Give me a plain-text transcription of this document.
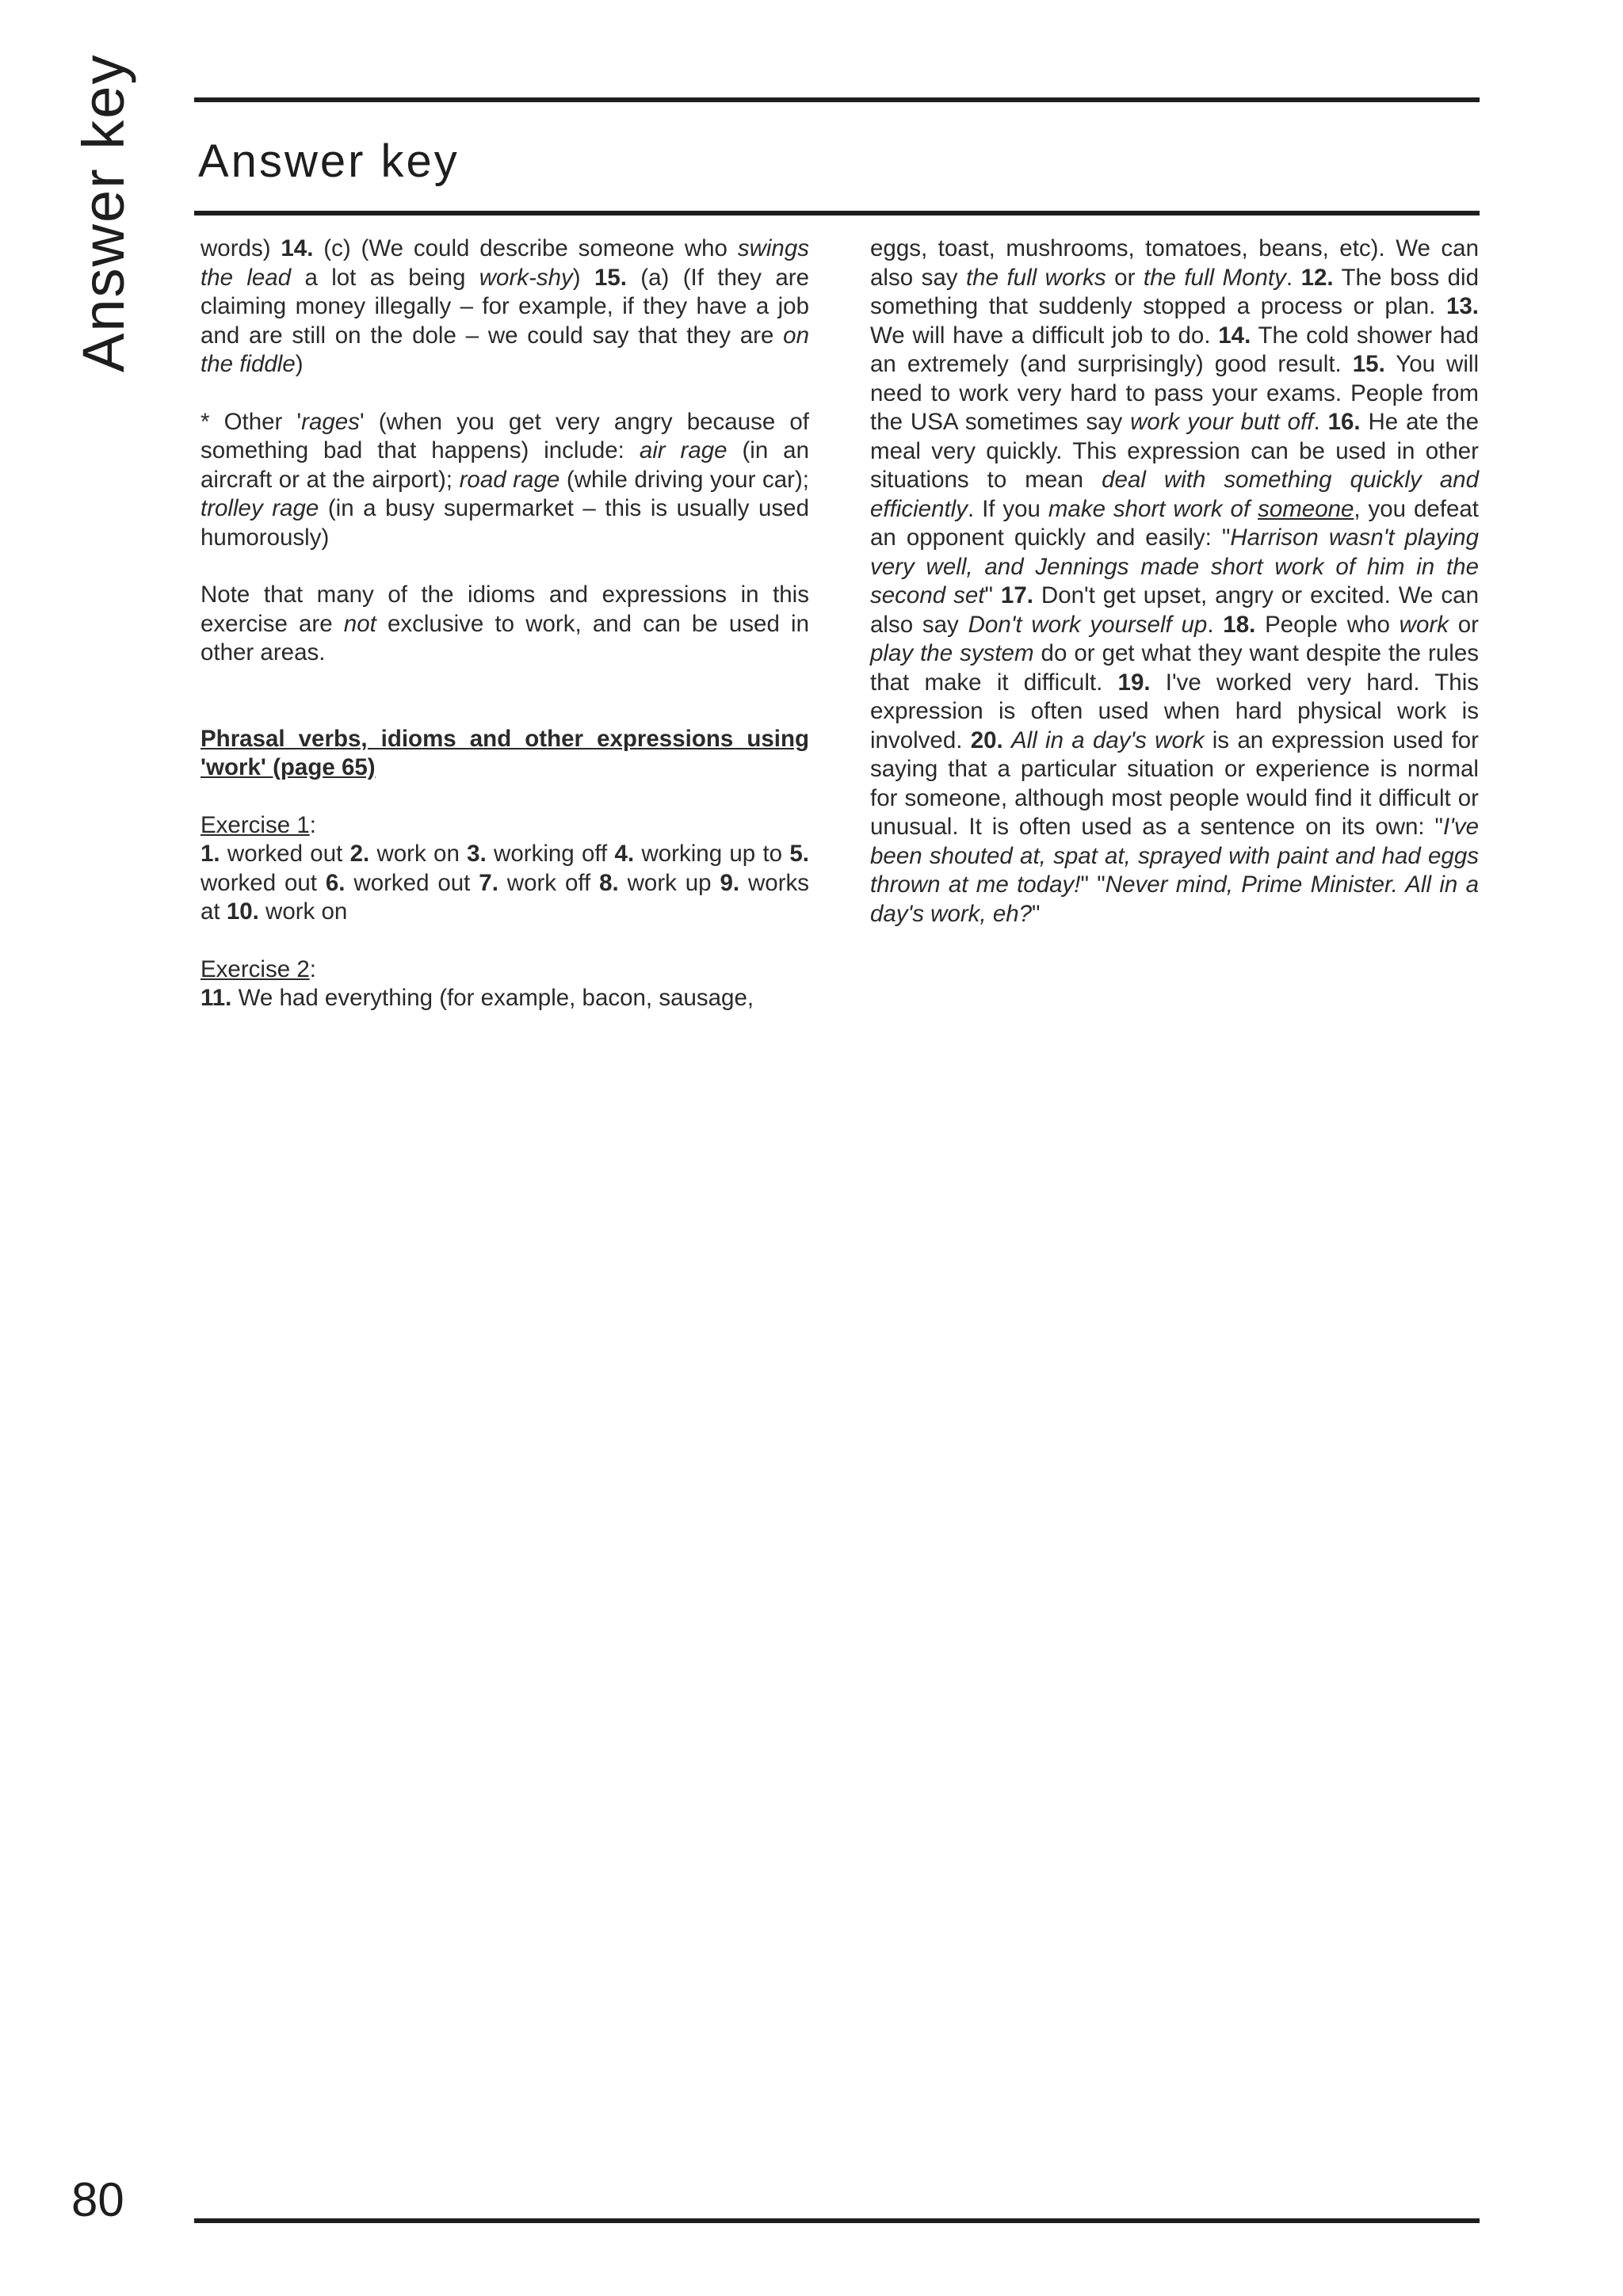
Answer key Answer key

words) 14. (c) (We could describe someone who swings the lead a lot as being work-shy) 15. (a) (If they are claiming money illegally – for example, if they have a job and are still on the dole – we could say that they are on the fiddle)

* Other 'rages' (when you get very angry because of something bad that happens) include: air rage (in an aircraft or at the airport); road rage (while driving your car); trolley rage (in a busy supermarket – this is usually used humorously)

Note that many of the idioms and expressions in this exercise are not exclusive to work, and can be used in other areas.

Phrasal verbs, idioms and other expressions using 'work' (page 65)

Exercise 1:

1. worked out 2. work on 3. working off 4. working up to 5. worked out 6. worked out 7. work off 8. work up 9. works at 10. work on

Exercise 2:

11. We had everything (for example, bacon, sausage,

eggs, toast, mushrooms, tomatoes, beans, etc). We can also say the full works or the full Monty. 12. The boss did something that suddenly stopped a process or plan. 13. We will have a difficult job to do. 14. The cold shower had an extremely (and surprisingly) good result. 15. You will need to work very hard to pass your exams. People from the USA sometimes say work your butt off. 16. He ate the meal very quickly. This expression can be used in other situations to mean deal with something quickly and efficiently. If you make short work of someone, you defeat an opponent quickly and easily: "Harrison wasn't playing very well, and Jennings made short work of him in the second set" 17. Don't get upset, angry or excited. We can also say Don't work yourself up. 18. People who work or play the system do or get what they want despite the rules that make it difficult. 19. I've worked very hard. This expression is often used when hard physical work is involved. 20. All in a day's work is an expression used for saying that a particular situation or experience is normal for someone, although most people would find it difficult or unusual. It is often used as a sentence on its own: "I've been shouted at, spat at, sprayed with paint and had eggs thrown at me today!" "Never mind, Prime Minister. All in a day's work, eh?"

80
